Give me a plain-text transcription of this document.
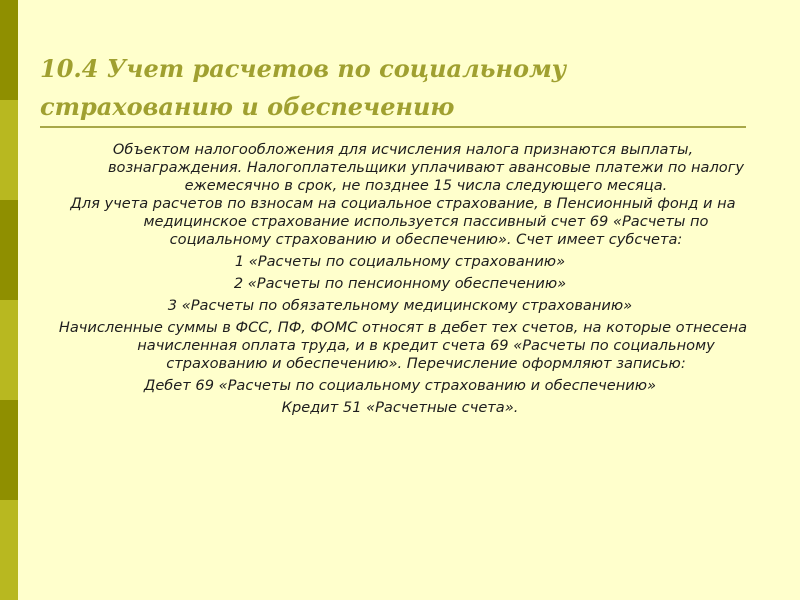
10.4 Учет расчетов по социальному страхованию и обеспечению

Объектом налогообложения для исчисления налога признаются выплаты, вознаграждения. Налогоплательщики уплачивают авансовые платежи по налогу ежемесячно в срок, не позднее 15 числа следующего месяца.

Для учета расчетов по взносам на социальное страхование, в Пенсионный фонд и на медицинское страхование используется пассивный счет 69 «Расчеты по социальному страхованию и обеспечению». Счет имеет субсчета:

1 «Расчеты по социальному страхованию»

2 «Расчеты по пенсионному обеспечению»

3 «Расчеты по обязательному медицинскому страхованию»

Начисленные суммы в ФСС, ПФ, ФОМС относят в дебет тех счетов, на которые отнесена начисленная оплата труда, и в кредит счета 69 «Расчеты по социальному страхованию и обеспечению». Перечисление оформляют записью:

Дебет 69 «Расчеты по социальному страхованию и обеспечению»

Кредит 51 «Расчетные счета».
